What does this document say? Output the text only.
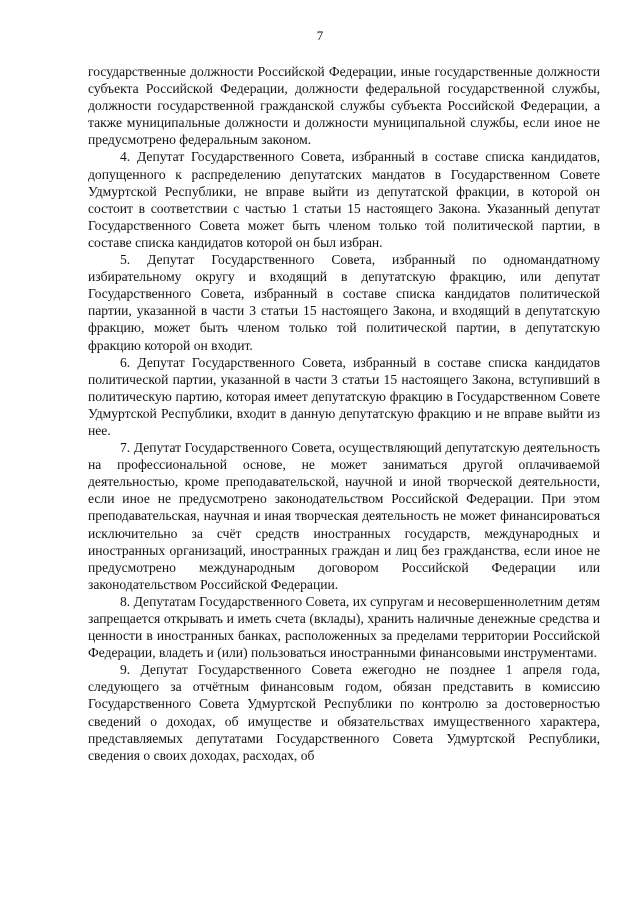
7

государственные должности Российской Федерации, иные государственные должности субъекта Российской Федерации, должности федеральной государственной службы, должности государственной гражданской службы субъекта Российской Федерации, а также муниципальные должности и должности муниципальной службы, если иное не предусмотрено федеральным законом.

4. Депутат Государственного Совета, избранный в составе списка кандидатов, допущенного к распределению депутатских мандатов в Государственном Совете Удмуртской Республики, не вправе выйти из депутатской фракции, в которой он состоит в соответствии с частью 1 статьи 15 настоящего Закона. Указанный депутат Государственного Совета может быть членом только той политической партии, в составе списка кандидатов которой он был избран.

5. Депутат Государственного Совета, избранный по одномандатному избирательному округу и входящий в депутатскую фракцию, или депутат Государственного Совета, избранный в составе списка кандидатов политической партии, указанной в части 3 статьи 15 настоящего Закона, и входящий в депутатскую фракцию, может быть членом только той политической партии, в депутатскую фракцию которой он входит.

6. Депутат Государственного Совета, избранный в составе списка кандидатов политической партии, указанной в части 3 статьи 15 настоящего Закона, вступивший в политическую партию, которая имеет депутатскую фракцию в Государственном Совете Удмуртской Республики, входит в данную депутатскую фракцию и не вправе выйти из нее.

7. Депутат Государственного Совета, осуществляющий депутатскую деятельность на профессиональной основе, не может заниматься другой оплачиваемой деятельностью, кроме преподавательской, научной и иной творческой деятельности, если иное не предусмотрено законодательством Российской Федерации. При этом преподавательская, научная и иная творческая деятельность не может финансироваться исключительно за счёт средств иностранных государств, международных и иностранных организаций, иностранных граждан и лиц без гражданства, если иное не предусмотрено международным договором Российской Федерации или законодательством Российской Федерации.

8. Депутатам Государственного Совета, их супругам и несовершеннолетним детям запрещается открывать и иметь счета (вклады), хранить наличные денежные средства и ценности в иностранных банках, расположенных за пределами территории Российской Федерации, владеть и (или) пользоваться иностранными финансовыми инструментами.

9. Депутат Государственного Совета ежегодно не позднее 1 апреля года, следующего за отчётным финансовым годом, обязан представить в комиссию Государственного Совета Удмуртской Республики по контролю за достоверностью сведений о доходах, об имуществе и обязательствах имущественного характера, представляемых депутатами Государственного Совета Удмуртской Республики, сведения о своих доходах, расходах, об
